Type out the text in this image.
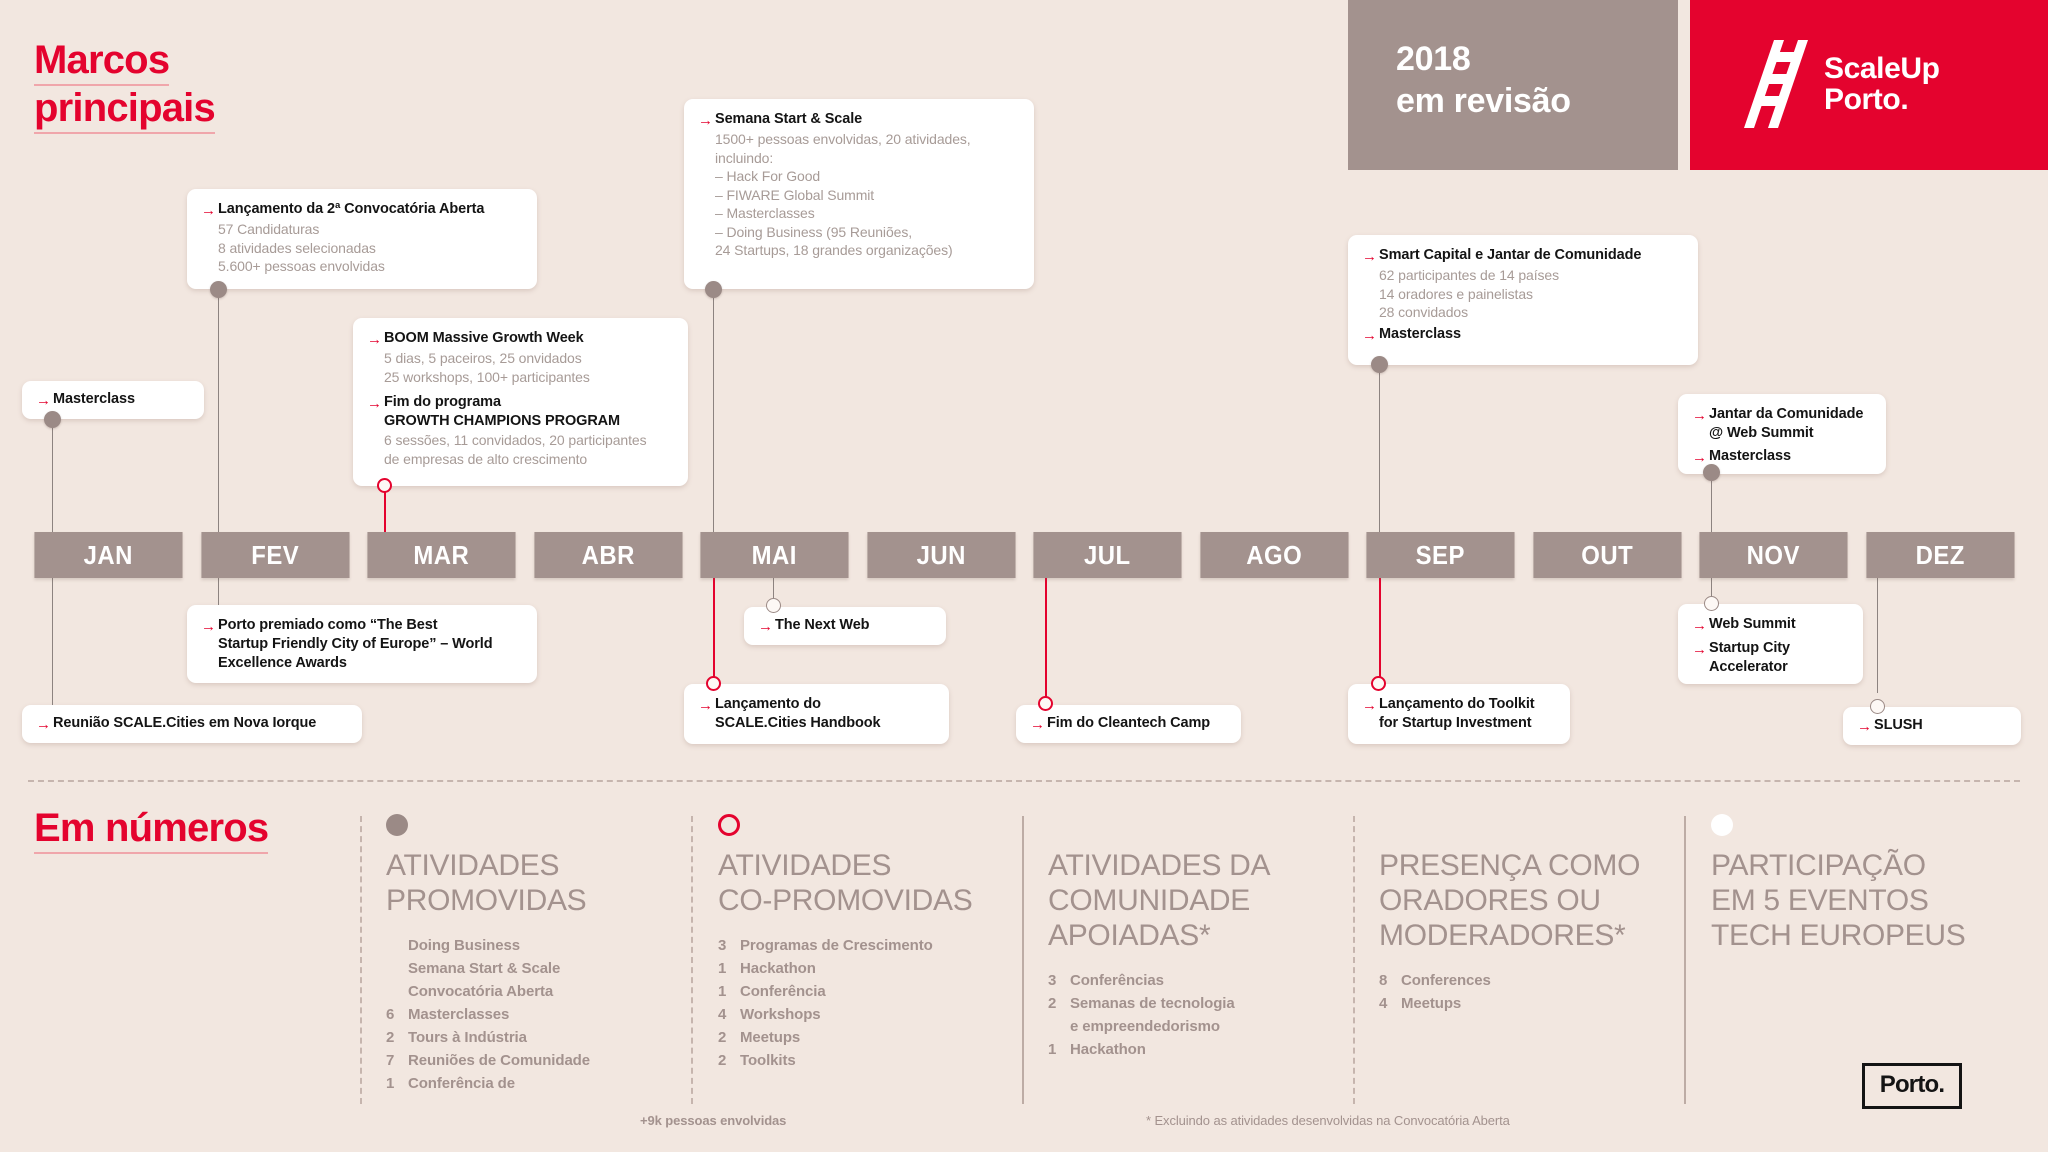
2018
em revisão
ScaleUp
Porto.
Marcos
principais
Em números
JAN	FEV	MAR	ABR	MAI	JUN	JUL	AGO	SEP	OUT	NOV	DEZ
→ Masterclass
→ Lançamento da 2ª Convocatória Aberta
57 Candidaturas
8 atividades selecionadas
5.600+ pessoas envolvidas
→ BOOM Massive Growth Week
5 dias, 5 paceiros, 25 onvidados
25 workshops, 100+ participantes
→ Fim do programa
GROWTH CHAMPIONS PROGRAM
6 sessões, 11 convidados, 20 participantes
de empresas de alto crescimento
→ Semana Start & Scale
1500+ pessoas envolvidas, 20 atividades,
incluindo:
– Hack For Good
– FIWARE Global Summit
– Masterclasses
– Doing Business (95 Reuniões,
24 Startups, 18 grandes organizações)	→ Smart Capital e Jantar de Comunidade
62 participantes de 14 países
14 oradores e painelistas
28 convidados
→ Masterclass
→ Jantar da Comunidade
@ Web Summit
→ Masterclass
→ Reunião SCALE.Cities em Nova Iorque
→ Porto premiado como “The Best
Startup Friendly City of Europe” – World
Excellence Awards
→ The Next Web
→ Lançamento do
SCALE.Cities Handbook	→ Fim do Cleantech Camp
→ Lançamento do Toolkit
for Startup Investment
→ Web Summit
→ Startup City
Accelerator
→ SLUSH
ATIVIDADES
PROMOVIDAS
Doing Business
Semana Start & Scale
Convocatória Aberta
6 Masterclasses
2 Tours à Indústria
7 Reuniões de Comunidade
1 Conferência de
ATIVIDADES
CO-PROMOVIDAS
3 Programas de Crescimento
1 Hackathon
1 Conferência
4 Workshops
2 Meetups
2 Toolkits
ATIVIDADES DA
COMUNIDADE
APOIADAS*
3 Conferências
2 Semanas de tecnologia
e empreendedorismo
1 Hackathon
PRESENÇA COMO
ORADORES OU
MODERADORES*
8 Conferences
4 Meetups
PARTICIPAÇÃO
EM 5 EVENTOS
TECH EUROPEUS
+9k pessoas envolvidas	* Excluindo as atividades desenvolvidas na Convocatória Aberta
Porto.
